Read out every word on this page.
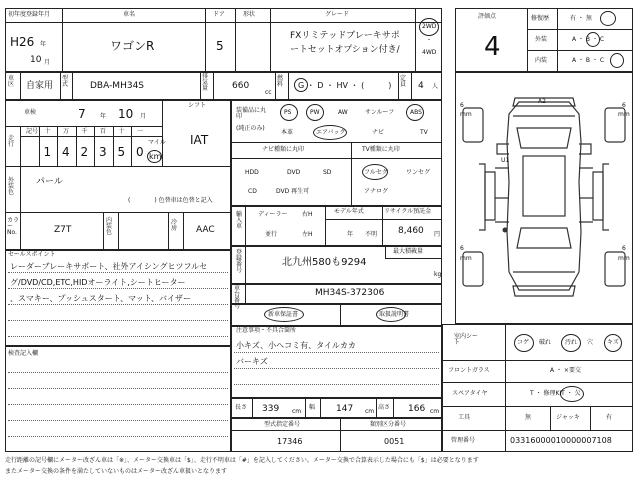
初年度登録年月	車名	ドア	形状	グレード
H26 年
10 月
ワゴンR	5
FXリミテッドブレーキサポ
ートセットオプション付き/
2WD
・
4WD
車区 自家用
型式 DBA-MH34S
排気量	660
cc
燃料 G ・ D ・ HV ・ (　　　)
定員 4 人
車検	7 年 10 月
シフト
IAT
走行
記号 十 万 千 百 十 一
1 4 2 3 5 0
マイル
km
外装色
パール
(　　　　) 色替車は色替と記入
カラーNo.	Z7T
内装色
冷房 AAC
装備品に丸印
(純正のみ)
PS	PW	AW	サンルーフ	ABS
本革	エアバック	ナビ	TV
ナビ種類に丸印	TV種類に丸印
HDD	DVD	SD
CD	DVD 再生可
フルセグ	ワンセグ
アナログ
輸入車
ディーラー 右H
並行	左H
モデル年式
年 不明
リサイクル預託金
8,460 円
登録番号
北九州580も9294
最大積載量
kg
車台番号
MH34S-372306
新車保証書	取扱説明書
セールスポイント
レーダーブレーキサポート、社外アイシングヒツフルセ
グ/DVD/CD,ETC,HIDオーライト,シートヒーター
、スマキー、プッシュスタート、マット、バイザー
注意事項・不具合箇所
小キズ、小ヘコミ有、タイルカカ
バーキズ
検査記入欄
長さ 339 cm
幅 147 cm
高さ 166 cm
型式指定番号
17346
類別区分番号
0051
評価点
4
修復歴	有 ・ 無
外装	A ・ B ・ C
内装	A ・ B ・ C
6
mm
6
mm
6
mm
6
mm
A2
U1
室内シート	コゲ 破れ 汚れ 穴 キズ
フロントガラス	A ・ ×要交
スペアタイヤ	T ・ 修理KIT ・ 欠
工具	無	ジャッキ	有
管理番号	03316000010000007108
走行距離の記号欄にメーター改ざん車は「※」、メーター交換車は「$」、走行不明車は「#」を記入してください。メーター交換で合算表示した場合にも「$」は必要となります
またメーター交換の条件を満たしていないものはメーター改ざん車扱いとなります
